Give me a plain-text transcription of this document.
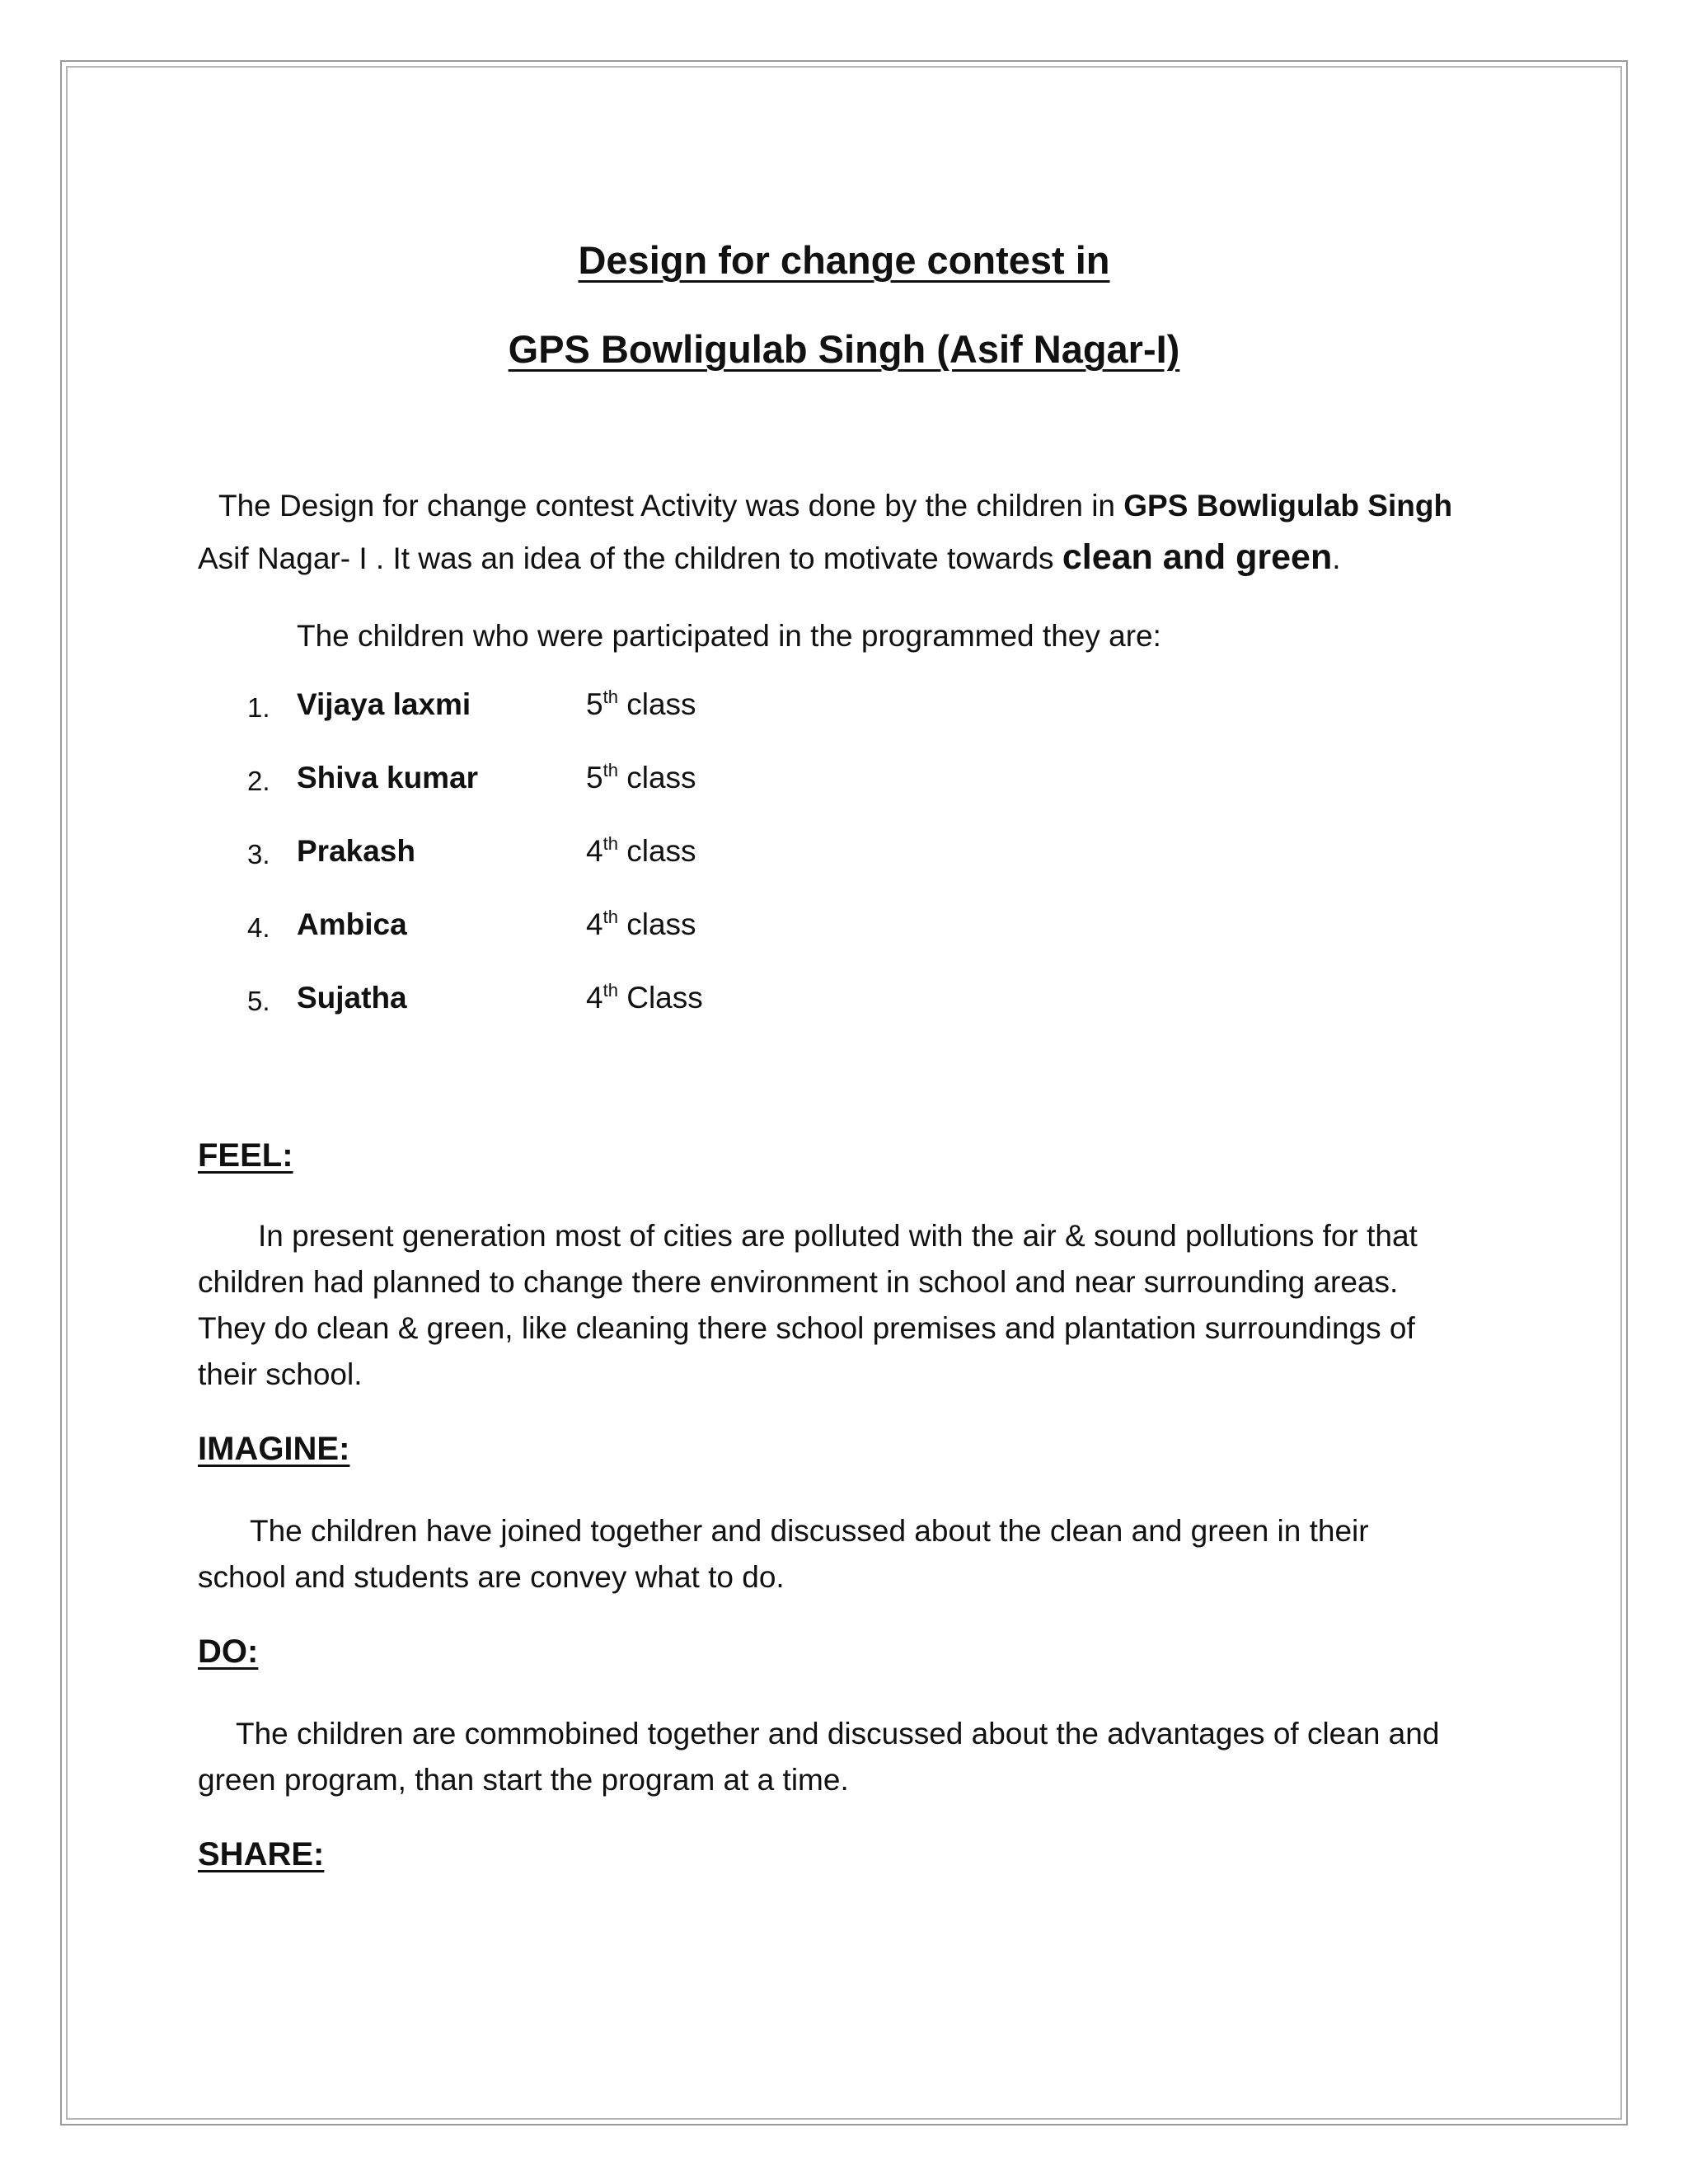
Design for change contest in
GPS Bowligulab Singh (Asif Nagar-I)
The Design for change contest Activity was done by the children in GPS Bowligulab Singh
Asif Nagar- I . It was an idea of the children to motivate towards clean and green.
The children who were participated in the programmed they are:
1. Vijaya laxmi	5th class
2. Shiva kumar	5th class
3. Prakash	4th class
4. Ambica	4th class
5. Sujatha	4th Class
FEEL:
In present generation most of cities are polluted with the air & sound pollutions for that
children had planned to change there environment in school and near surrounding areas.
They do clean & green, like cleaning there school premises and plantation surroundings of
their school.
IMAGINE:
The children have joined together and discussed about the clean and green in their
school and students are convey what to do.
DO:
The children are commobined together and discussed about the advantages of clean and
green program, than start the program at a time.
SHARE:
